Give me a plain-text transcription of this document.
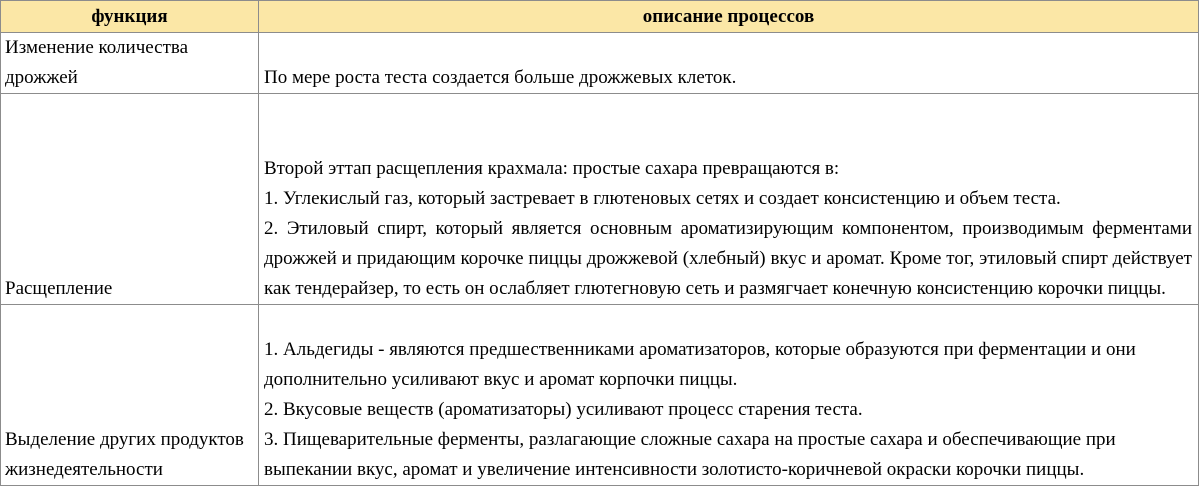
функция	описание процессов
Изменение количества дрожжей	По мере роста теста создается больше дрожжевых клеток.

Расщепление	Второй эттап расщепления крахмала: простые сахара превращаются в:
1. Углекислый газ, который застревает в глютеновых сетях и создает консистенцию и объем теста.
2. Этиловый спирт, который является основным ароматизирующим компонентом, производимым ферментами дрожжей и придающим корочке пиццы дрожжевой (хлебный) вкус и аромат. Кроме тог, этиловый спирт действует как тендерайзер, то есть он ослабляет глютегновую сеть и размягчает конечную консистенцию корочки пиццы.

Выделение других продуктов жизнедеятельности	1. Альдегиды - являются предшественниками ароматизаторов, которые образуются при ферментации и они дополнительно усиливают вкус и аромат корпочки пиццы.
2. Вкусовые веществ (ароматизаторы) усиливают процесс старения теста.
3. Пищеварительные ферменты, разлагающие сложные сахара на простые сахара и обеспечивающие при выпекании вкус, аромат и увеличение интенсивности золотисто-коричневой окраски корочки пиццы.
